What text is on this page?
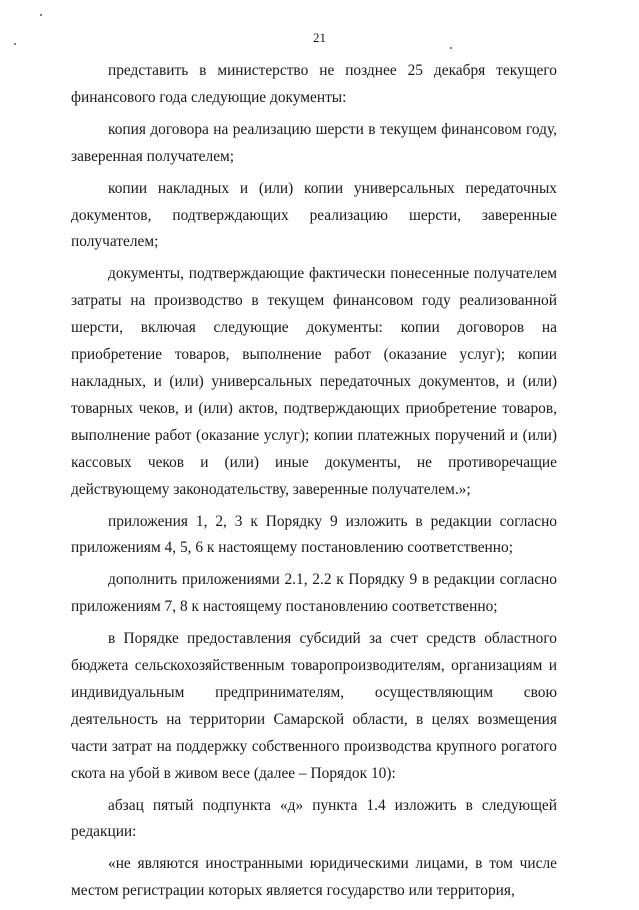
21

представить в министерство не позднее 25 декабря текущего финансового года следующие документы:

копия договора на реализацию шерсти в текущем финансовом году, заверенная получателем;

копии накладных и (или) копии универсальных передаточных документов, подтверждающих реализацию шерсти, заверенные получателем;

документы, подтверждающие фактически понесенные получателем затраты на производство в текущем финансовом году реализованной шерсти, включая следующие документы: копии договоров на приобретение товаров, выполнение работ (оказание услуг); копии накладных, и (или) универсальных передаточных документов, и (или) товарных чеков, и (или) актов, подтверждающих приобретение товаров, выполнение работ (оказание услуг); копии платежных поручений и (или) кассовых чеков и (или) иные документы, не противоречащие действующему законодательству, заверенные получателем.»;

приложения 1, 2, 3 к Порядку 9 изложить в редакции согласно приложениям 4, 5, 6 к настоящему постановлению соответственно;

дополнить приложениями 2.1, 2.2 к Порядку 9 в редакции согласно приложениям 7, 8 к настоящему постановлению соответственно;

в Порядке предоставления субсидий за счет средств областного бюджета сельскохозяйственным товаропроизводителям, организациям и индивидуальным предпринимателям, осуществляющим свою деятельность на территории Самарской области, в целях возмещения части затрат на поддержку собственного производства крупного рогатого скота на убой в живом весе (далее – Порядок 10):

абзац пятый подпункта «д» пункта 1.4 изложить в следующей редакции:

«не являются иностранными юридическими лицами, в том числе местом регистрации которых является государство или территория,
